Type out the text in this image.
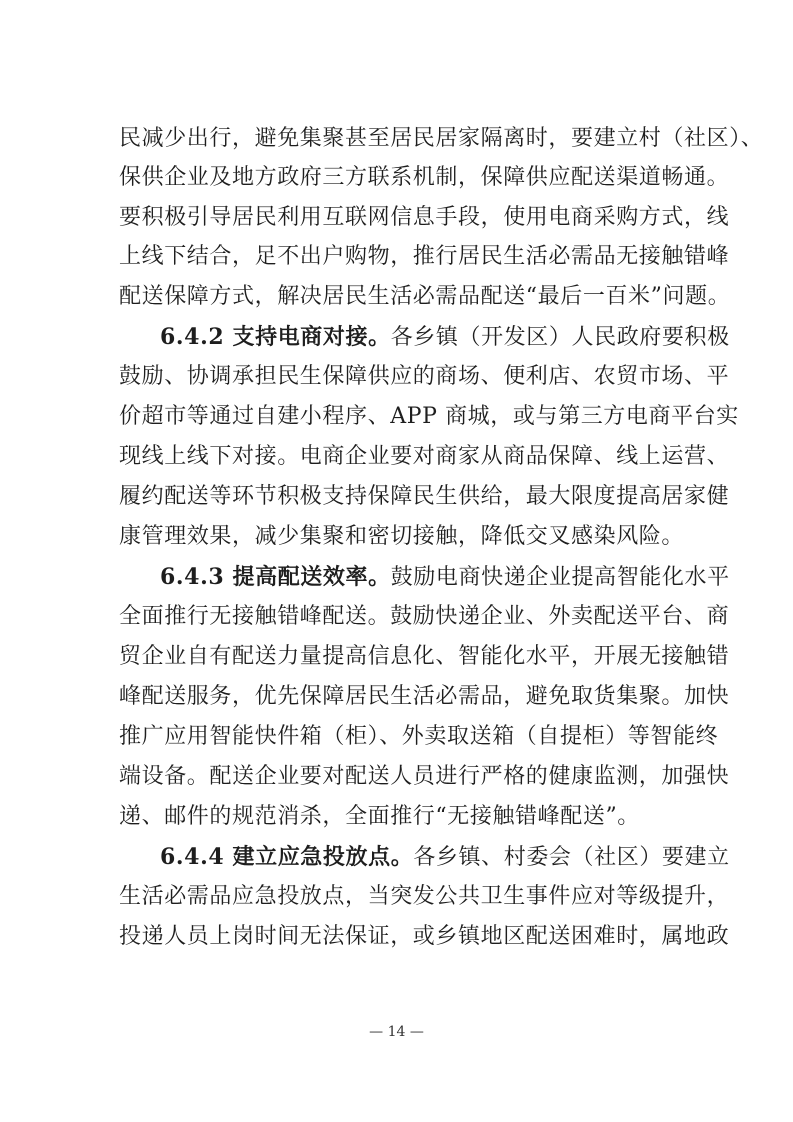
民减少出行，避免集聚甚至居民居家隔离时，要建立村（社区）、
保供企业及地方政府三方联系机制，保障供应配送渠道畅通。
要积极引导居民利用互联网信息手段，使用电商采购方式，线
上线下结合，足不出户购物，推行居民生活必需品无接触错峰
配送保障方式，解决居民生活必需品配送“最后一百米”问题。
6.4.2 支持电商对接。各乡镇（开发区）人民政府要积极
鼓励、协调承担民生保障供应的商场、便利店、农贸市场、平
价超市等通过自建小程序、APP 商城，或与第三方电商平台实
现线上线下对接。电商企业要对商家从商品保障、线上运营、
履约配送等环节积极支持保障民生供给，最大限度提高居家健
康管理效果，减少集聚和密切接触，降低交叉感染风险。
6.4.3 提高配送效率。鼓励电商快递企业提高智能化水平
全面推行无接触错峰配送。鼓励快递企业、外卖配送平台、商
贸企业自有配送力量提高信息化、智能化水平，开展无接触错
峰配送服务，优先保障居民生活必需品，避免取货集聚。加快
推广应用智能快件箱（柜）、外卖取送箱（自提柜）等智能终
端设备。配送企业要对配送人员进行严格的健康监测，加强快
递、邮件的规范消杀，全面推行“无接触错峰配送”。
6.4.4 建立应急投放点。各乡镇、村委会（社区）要建立
生活必需品应急投放点，当突发公共卫生事件应对等级提升，
投递人员上岗时间无法保证，或乡镇地区配送困难时，属地政
— 14 —
